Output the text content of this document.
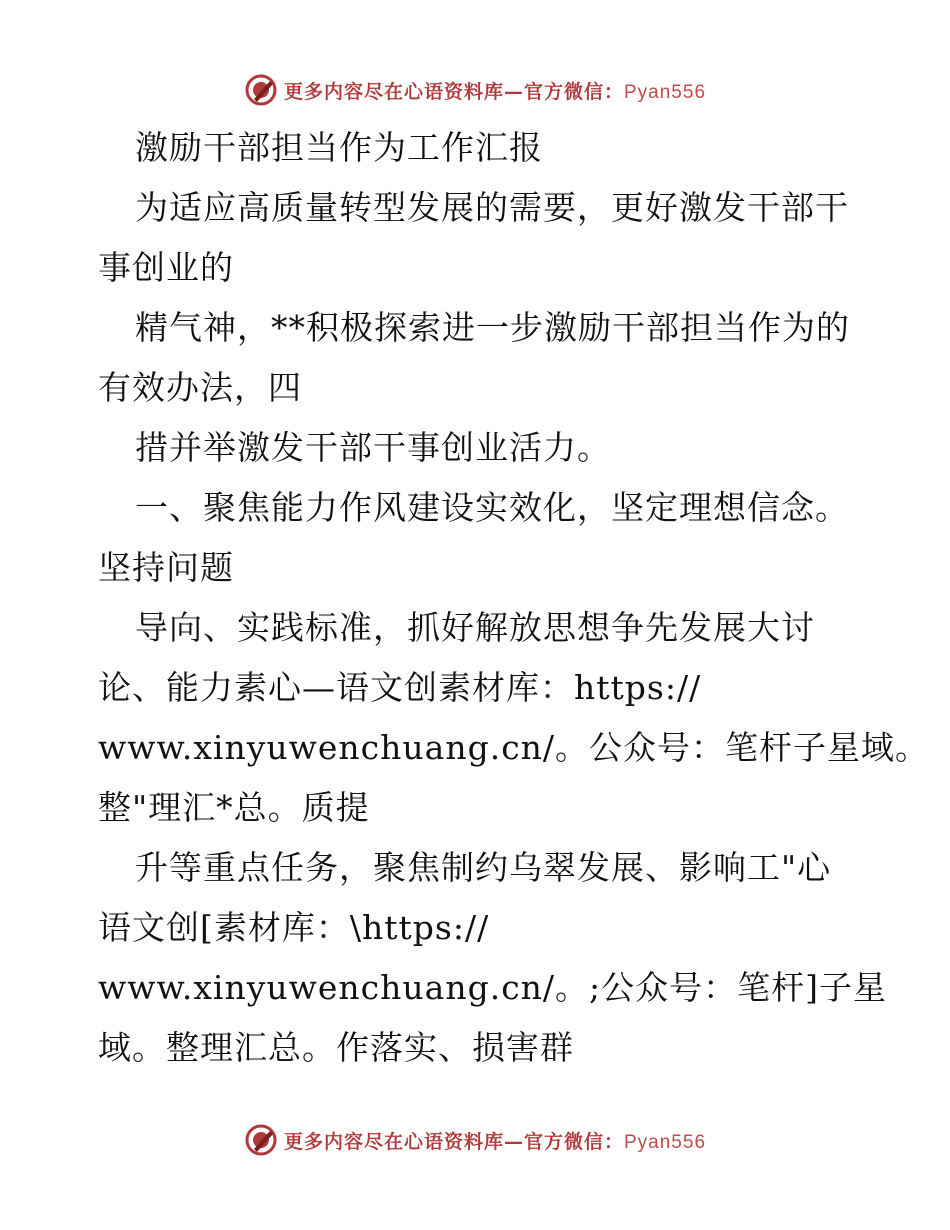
更多内容尽在心语资料库—官方微信：Pyan556
激励干部担当作为工作汇报
为适应高质量转型发展的需要，更好激发干部干
事创业的
精气神，**积极探索进一步激励干部担当作为的
有效办法，四
措并举激发干部干事创业活力。
一、聚焦能力作风建设实效化，坚定理想信念。
坚持问题
导向、实践标准，抓好解放思想争先发展大讨
论、能力素心—语文创素材库：https://
www.xinyuwenchuang.cn/。公众号：笔杆子星域。
整"理汇*总。质提
升等重点任务，聚焦制约乌翠发展、影响工"心
语文创[素材库：\https://
www.xinyuwenchuang.cn/。;公众号：笔杆]子星
域。整理汇总。作落实、损害群
更多内容尽在心语资料库—官方微信：Pyan556
